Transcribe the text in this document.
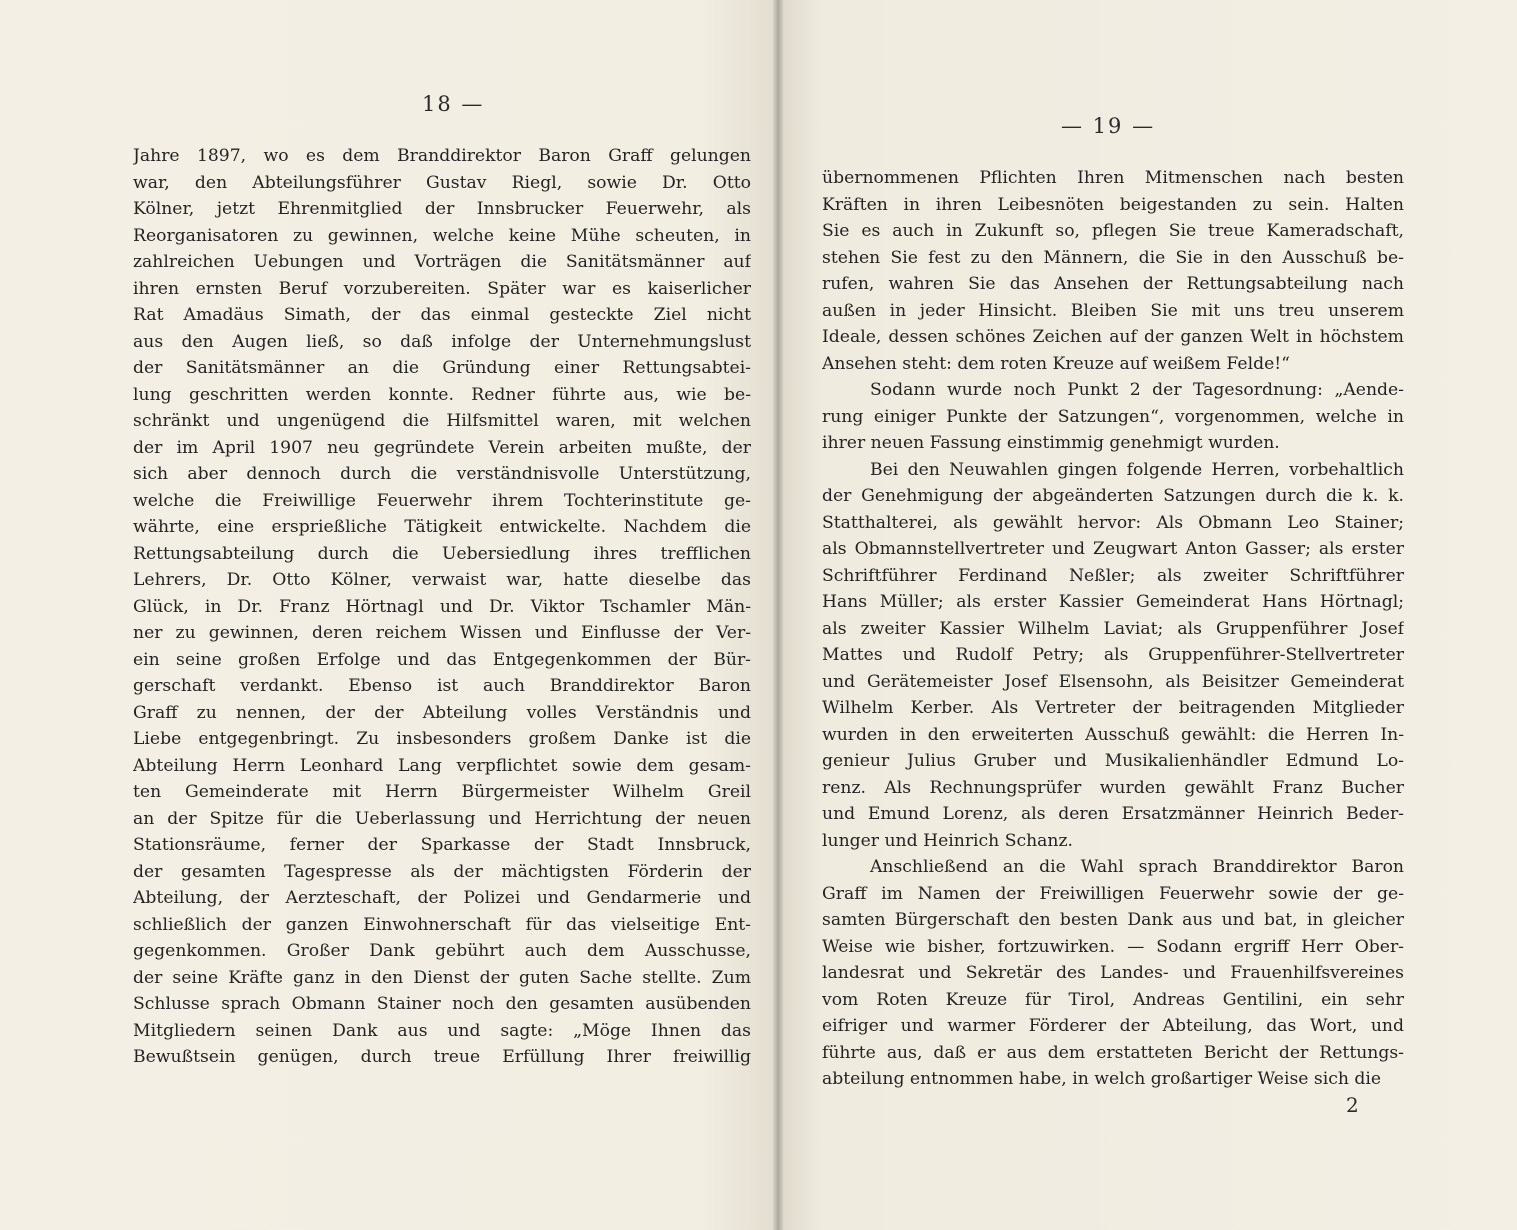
18 —
Jahre 1897, wo es dem Branddirektor Baron Graff gelungen
war, den Abteilungsführer Gustav Riegl, sowie Dr. Otto
Kölner, jetzt Ehrenmitglied der Innsbrucker Feuerwehr, als
Reorganisatoren zu gewinnen, welche keine Mühe scheuten, in
zahlreichen Uebungen und Vorträgen die Sanitätsmänner auf
ihren ernsten Beruf vorzubereiten. Später war es kaiserlicher
Rat Amadäus Simath, der das einmal gesteckte Ziel nicht
aus den Augen ließ, so daß infolge der Unternehmungslust
der Sanitätsmänner an die Gründung einer Rettungsabtei-
lung geschritten werden konnte. Redner führte aus, wie be-
schränkt und ungenügend die Hilfsmittel waren, mit welchen
der im April 1907 neu gegründete Verein arbeiten mußte, der
sich aber dennoch durch die verständnisvolle Unterstützung,
welche die Freiwillige Feuerwehr ihrem Tochterinstitute ge-
währte, eine ersprießliche Tätigkeit entwickelte. Nachdem die
Rettungsabteilung durch die Uebersiedlung ihres trefflichen
Lehrers, Dr. Otto Kölner, verwaist war, hatte dieselbe das
Glück, in Dr. Franz Hörtnagl und Dr. Viktor Tschamler Män-
ner zu gewinnen, deren reichem Wissen und Einflusse der Ver-
ein seine großen Erfolge und das Entgegenkommen der Bür-
gerschaft verdankt. Ebenso ist auch Branddirektor Baron
Graff zu nennen, der der Abteilung volles Verständnis und
Liebe entgegenbringt. Zu insbesonders großem Danke ist die
Abteilung Herrn Leonhard Lang verpflichtet sowie dem gesam-
ten Gemeinderate mit Herrn Bürgermeister Wilhelm Greil
an der Spitze für die Ueberlassung und Herrichtung der neuen
Stationsräume, ferner der Sparkasse der Stadt Innsbruck,
der gesamten Tagespresse als der mächtigsten Förderin der
Abteilung, der Aerzteschaft, der Polizei und Gendarmerie und
schließlich der ganzen Einwohnerschaft für das vielseitige Ent-
gegenkommen. Großer Dank gebührt auch dem Ausschusse,
der seine Kräfte ganz in den Dienst der guten Sache stellte. Zum
Schlusse sprach Obmann Stainer noch den gesamten ausübenden
Mitgliedern seinen Dank aus und sagte: „Möge Ihnen das
Bewußtsein genügen, durch treue Erfüllung Ihrer freiwillig
— 19 —
übernommenen Pflichten Ihren Mitmenschen nach besten
Kräften in ihren Leibesnöten beigestanden zu sein. Halten
Sie es auch in Zukunft so, pflegen Sie treue Kameradschaft,
stehen Sie fest zu den Männern, die Sie in den Ausschuß be-
rufen, wahren Sie das Ansehen der Rettungsabteilung nach
außen in jeder Hinsicht. Bleiben Sie mit uns treu unserem
Ideale, dessen schönes Zeichen auf der ganzen Welt in höchstem
Ansehen steht: dem roten Kreuze auf weißem Felde!“
Sodann wurde noch Punkt 2 der Tagesordnung: „Aende-
rung einiger Punkte der Satzungen“, vorgenommen, welche in
ihrer neuen Fassung einstimmig genehmigt wurden.
Bei den Neuwahlen gingen folgende Herren, vorbehaltlich
der Genehmigung der abgeänderten Satzungen durch die k. k.
Statthalterei, als gewählt hervor: Als Obmann Leo Stainer;
als Obmannstellvertreter und Zeugwart Anton Gasser; als erster
Schriftführer Ferdinand Neßler; als zweiter Schriftführer
Hans Müller; als erster Kassier Gemeinderat Hans Hörtnagl;
als zweiter Kassier Wilhelm Laviat; als Gruppenführer Josef
Mattes und Rudolf Petry; als Gruppenführer-Stellvertreter
und Gerätemeister Josef Elsensohn, als Beisitzer Gemeinderat
Wilhelm Kerber. Als Vertreter der beitragenden Mitglieder
wurden in den erweiterten Ausschuß gewählt: die Herren In-
genieur Julius Gruber und Musikalienhändler Edmund Lo-
renz. Als Rechnungsprüfer wurden gewählt Franz Bucher
und Emund Lorenz, als deren Ersatzmänner Heinrich Beder-
lunger und Heinrich Schanz.
Anschließend an die Wahl sprach Branddirektor Baron
Graff im Namen der Freiwilligen Feuerwehr sowie der ge-
samten Bürgerschaft den besten Dank aus und bat, in gleicher
Weise wie bisher, fortzuwirken. — Sodann ergriff Herr Ober-
landesrat und Sekretär des Landes- und Frauenhilfsvereines
vom Roten Kreuze für Tirol, Andreas Gentilini, ein sehr
eifriger und warmer Förderer der Abteilung, das Wort, und
führte aus, daß er aus dem erstatteten Bericht der Rettungs-
abteilung entnommen habe, in welch großartiger Weise sich die
2
